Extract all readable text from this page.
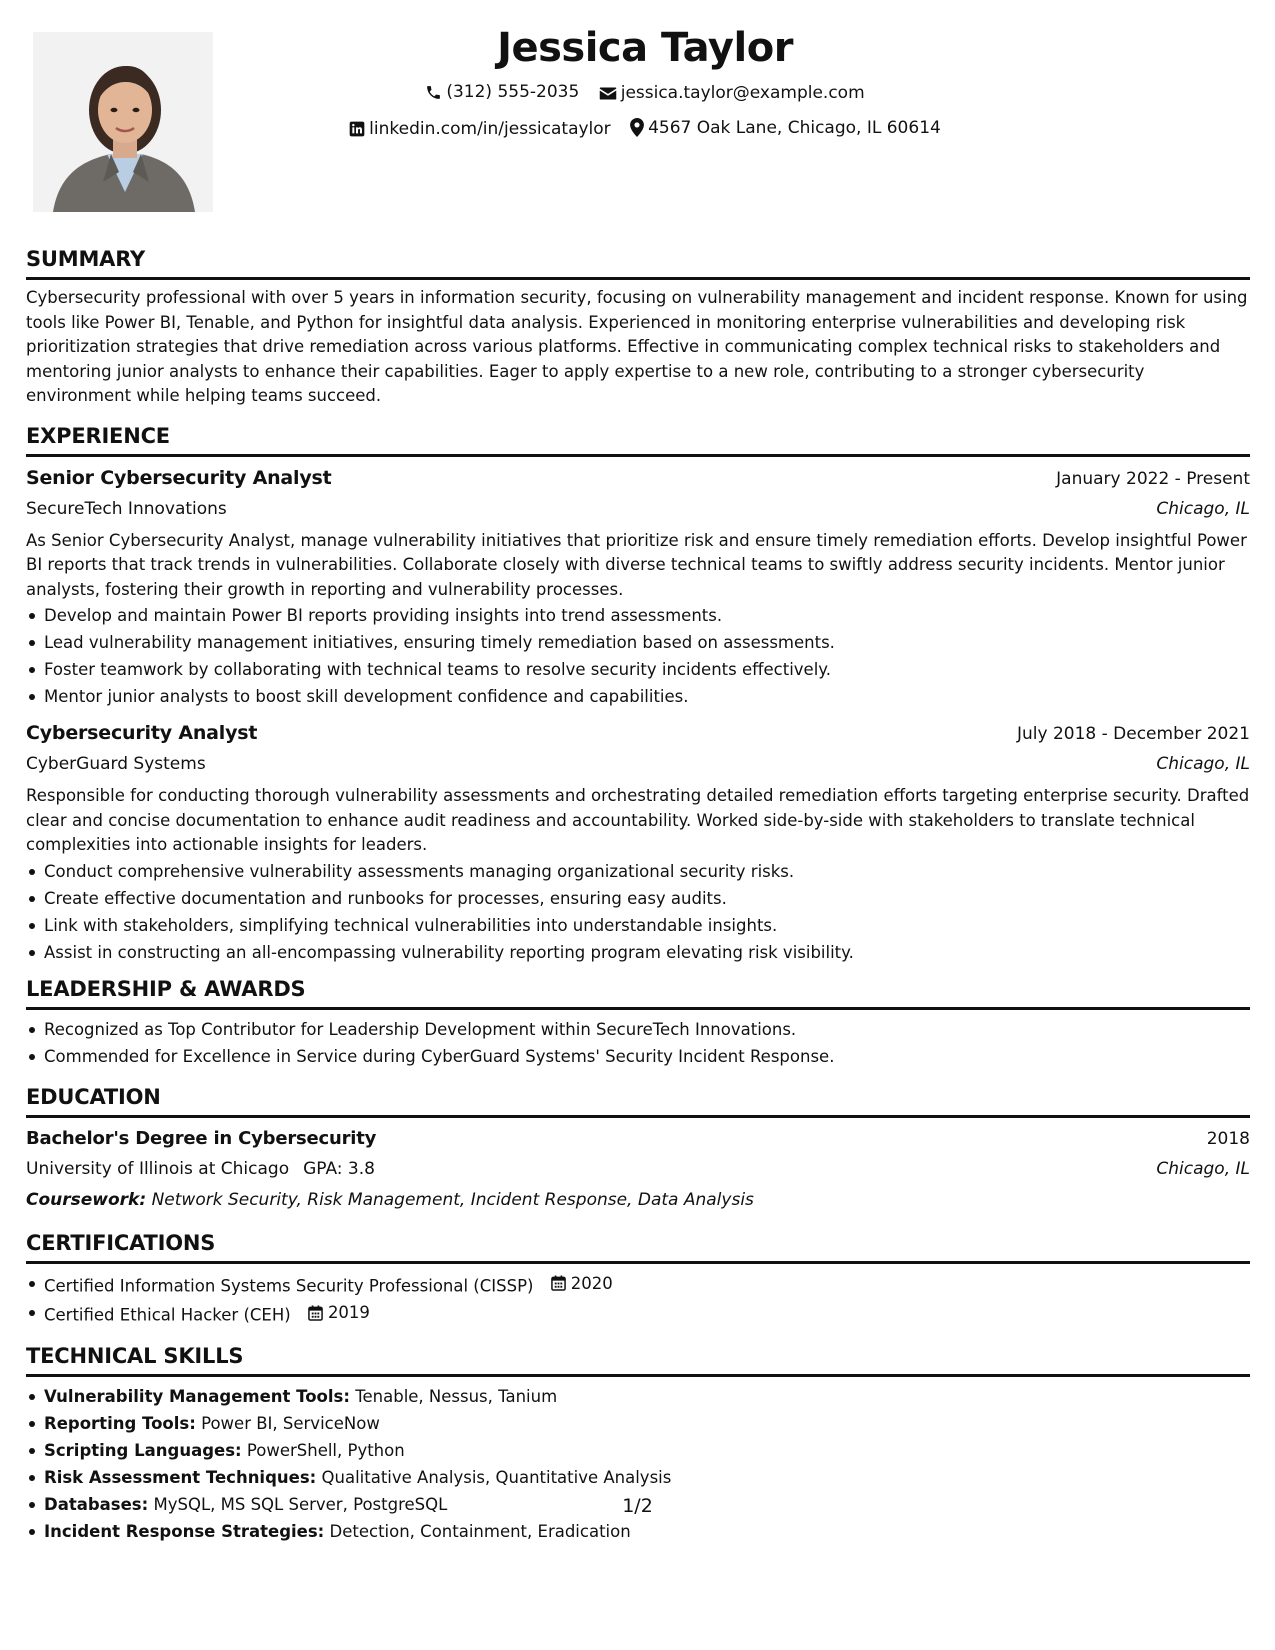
Jessica Taylor
(312) 555-2035
jessica.taylor@example.com
linkedin.com/in/jessicataylor
4567 Oak Lane, Chicago, IL 60614
SUMMARY
Cybersecurity professional with over 5 years in information security, focusing on vulnerability management and incident response. Known for using tools like Power BI, Tenable, and Python for insightful data analysis. Experienced in monitoring enterprise vulnerabilities and developing risk prioritization strategies that drive remediation across various platforms. Effective in communicating complex technical risks to stakeholders and mentoring junior analysts to enhance their capabilities. Eager to apply expertise to a new role, contributing to a stronger cybersecurity environment while helping teams succeed.
EXPERIENCE
Senior Cybersecurity Analyst	January 2022 - Present
SecureTech Innovations	Chicago, IL
As Senior Cybersecurity Analyst, manage vulnerability initiatives that prioritize risk and ensure timely remediation efforts. Develop insightful Power BI reports that track trends in vulnerabilities. Collaborate closely with diverse technical teams to swiftly address security incidents. Mentor junior analysts, fostering their growth in reporting and vulnerability processes.
Develop and maintain Power BI reports providing insights into trend assessments.
Lead vulnerability management initiatives, ensuring timely remediation based on assessments.
Foster teamwork by collaborating with technical teams to resolve security incidents effectively.
Mentor junior analysts to boost skill development confidence and capabilities.
Cybersecurity Analyst	July 2018 - December 2021
CyberGuard Systems	Chicago, IL
Responsible for conducting thorough vulnerability assessments and orchestrating detailed remediation efforts targeting enterprise security. Drafted clear and concise documentation to enhance audit readiness and accountability. Worked side-by-side with stakeholders to translate technical complexities into actionable insights for leaders.
Conduct comprehensive vulnerability assessments managing organizational security risks.
Create effective documentation and runbooks for processes, ensuring easy audits.
Link with stakeholders, simplifying technical vulnerabilities into understandable insights.
Assist in constructing an all-encompassing vulnerability reporting program elevating risk visibility.
LEADERSHIP & AWARDS
Recognized as Top Contributor for Leadership Development within SecureTech Innovations.
Commended for Excellence in Service during CyberGuard Systems' Security Incident Response.
EDUCATION
Bachelor's Degree in Cybersecurity	2018
University of Illinois at Chicago GPA: 3.8	Chicago, IL
Coursework: Network Security, Risk Management, Incident Response, Data Analysis
CERTIFICATIONS
Certified Information Systems Security Professional (CISSP) 2020
Certified Ethical Hacker (CEH) 2019
TECHNICAL SKILLS
Vulnerability Management Tools: Tenable, Nessus, Tanium
Reporting Tools: Power BI, ServiceNow
Scripting Languages: PowerShell, Python
Risk Assessment Techniques: Qualitative Analysis, Quantitative Analysis
Databases: MySQL, MS SQL Server, PostgreSQL
Incident Response Strategies: Detection, Containment, Eradication
1/2
